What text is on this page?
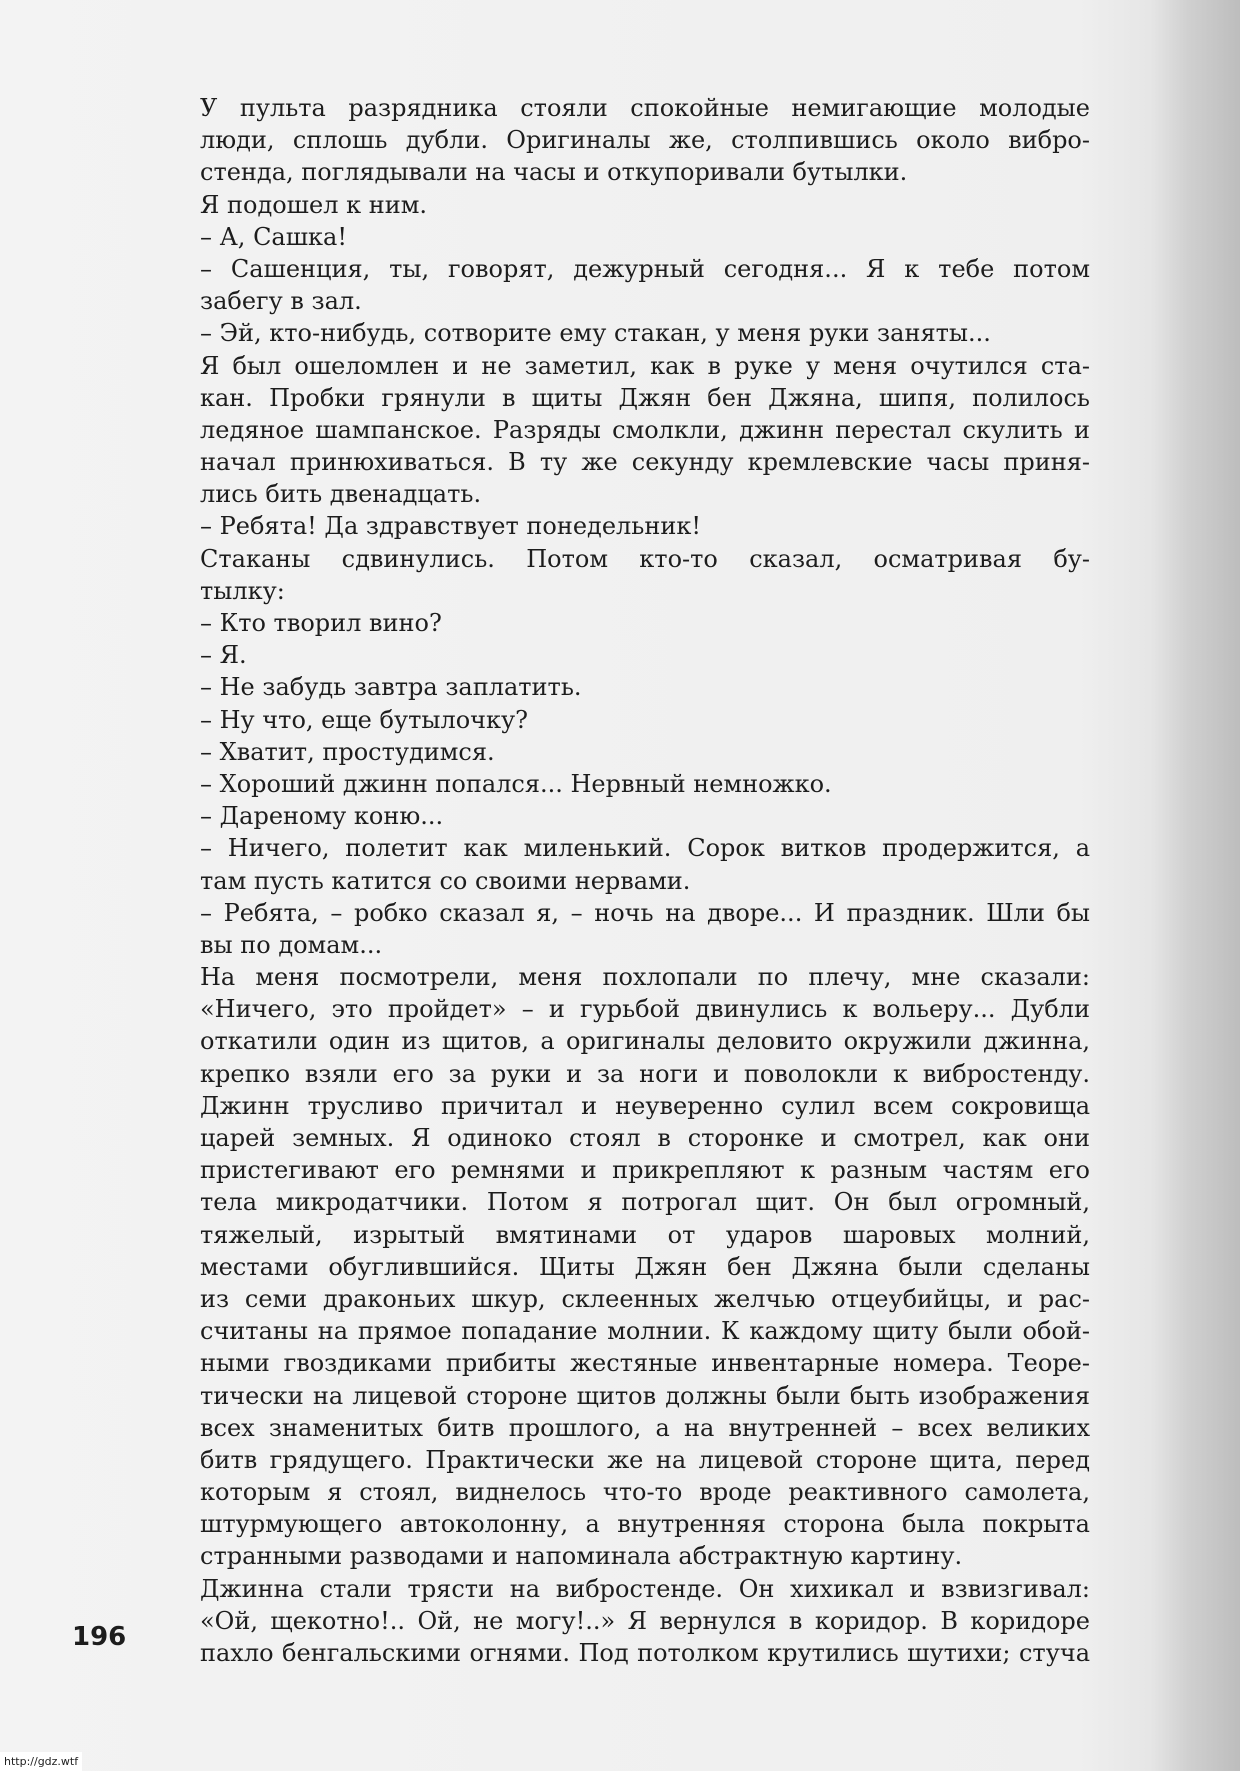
У пульта разрядника стояли спокойные немигающие молодые
люди, сплошь дубли. Оригиналы же, столпившись около вибро-
стенда, поглядывали на часы и откупоривали бутылки.
Я подошел к ним.
– А, Сашка!
– Сашенция, ты, говорят, дежурный сегодня... Я к тебе потом
забегу в зал.
– Эй, кто-нибудь, сотворите ему стакан, у меня руки заняты...
Я был ошеломлен и не заметил, как в руке у меня очутился ста-
кан. Пробки грянули в щиты Джян бен Джяна, шипя, полилось
ледяное шампанское. Разряды смолкли, джинн перестал скулить и
начал принюхиваться. В ту же секунду кремлевские часы приня-
лись бить двенадцать.
– Ребята! Да здравствует понедельник!
Стаканы сдвинулись. Потом кто-то сказал, осматривая бу-
тылку:
– Кто творил вино?
– Я.
– Не забудь завтра заплатить.
– Ну что, еще бутылочку?
– Хватит, простудимся.
– Хороший джинн попался... Нервный немножко.
– Дареному коню...
– Ничего, полетит как миленький. Сорок витков продержится, а
там пусть катится со своими нервами.
– Ребята, – робко сказал я, – ночь на дворе... И праздник. Шли бы
вы по домам...
На меня посмотрели, меня похлопали по плечу, мне сказали:
«Ничего, это пройдет» – и гурьбой двинулись к вольеру... Дубли
откатили один из щитов, а оригиналы деловито окружили джинна,
крепко взяли его за руки и за ноги и поволокли к вибростенду.
Джинн трусливо причитал и неуверенно сулил всем сокровища
царей земных. Я одиноко стоял в сторонке и смотрел, как они
пристегивают его ремнями и прикрепляют к разным частям его
тела микродатчики. Потом я потрогал щит. Он был огромный,
тяжелый, изрытый вмятинами от ударов шаровых молний,
местами обуглившийся. Щиты Джян бен Джяна были сделаны
из семи драконьих шкур, склеенных желчью отцеубийцы, и рас-
считаны на прямое попадание молнии. К каждому щиту были обой-
ными гвоздиками прибиты жестяные инвентарные номера. Теоре-
тически на лицевой стороне щитов должны были быть изображения
всех знаменитых битв прошлого, а на внутренней – всех великих
битв грядущего. Практически же на лицевой стороне щита, перед
которым я стоял, виднелось что-то вроде реактивного самолета,
штурмующего автоколонну, а внутренняя сторона была покрыта
странными разводами и напоминала абстрактную картину.
Джинна стали трясти на вибростенде. Он хихикал и взвизгивал:
«Ой, щекотно!.. Ой, не могу!..» Я вернулся в коридор. В коридоре
пахло бенгальскими огнями. Под потолком крутились шутихи; стуча
196
http://gdz.wtf
